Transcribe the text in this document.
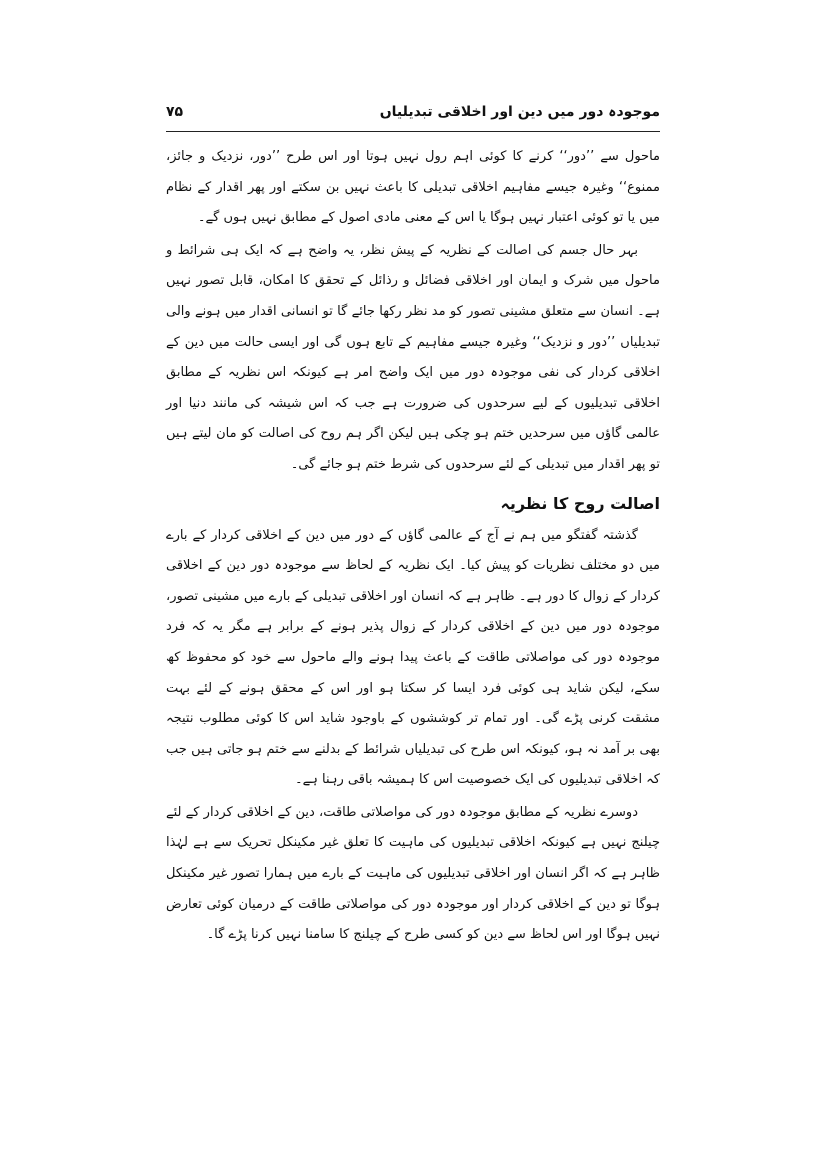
موجودہ دور میں دین اور اخلاقی تبدیلیاں
۷۵

ماحول سے ’’دور‘‘ کرنے کا کوئی اہم رول نہیں ہوتا اور اس طرح ’’دور، نزدیک و جائز، ممنوع‘‘ وغیرہ جیسے مفاہیم اخلاقی تبدیلی کا باعث نہیں بن سکتے اور پھر اقدار کے نظام میں یا تو کوئی اعتبار نہیں ہوگا یا اس کے معنی مادی اصول کے مطابق نہیں ہوں گے۔

بہر حال جسم کی اصالت کے نظریہ کے پیش نظر، یہ واضح ہے کہ ایک ہی شرائط و ماحول میں شرک و ایمان اور اخلاقی فضائل و رذائل کے تحقق کا امکان، قابل تصور نہیں ہے۔ انسان سے متعلق مشینی تصور کو مد نظر رکھا جائے گا تو انسانی اقدار میں ہونے والی تبدیلیاں ’’دور و نزدیک‘‘ وغیرہ جیسے مفاہیم کے تابع ہوں گی اور ایسی حالت میں دین کے اخلاقی کردار کی نفی موجودہ دور میں ایک واضح امر ہے کیونکہ اس نظریہ کے مطابق اخلاقی تبدیلیوں کے لیے سرحدوں کی ضرورت ہے جب کہ اس شیشہ کی مانند دنیا اور عالمی گاؤں میں سرحدیں ختم ہو چکی ہیں لیکن اگر ہم روح کی اصالت کو مان لیتے ہیں تو پھر اقدار میں تبدیلی کے لئے سرحدوں کی شرط ختم ہو جائے گی۔

اصالت روح کا نظریہ

گذشتہ گفتگو میں ہم نے آج کے عالمی گاؤں کے دور میں دین کے اخلاقی کردار کے بارے میں دو مختلف نظریات کو پیش کیا۔ ایک نظریہ کے لحاظ سے موجودہ دور دین کے اخلاقی کردار کے زوال کا دور ہے۔ ظاہر ہے کہ انسان اور اخلاقی تبدیلی کے بارے میں مشینی تصور، موجودہ دور میں دین کے اخلاقی کردار کے زوال پذیر ہونے کے برابر ہے مگر یہ کہ فرد موجودہ دور کی مواصلاتی طاقت کے باعث پیدا ہونے والے ماحول سے خود کو محفوظ کھ سکے، لیکن شاید ہی کوئی فرد ایسا کر سکتا ہو اور اس کے محقق ہونے کے لئے بہت مشقت کرنی پڑے گی۔ اور تمام تر کوششوں کے باوجود شاید اس کا کوئی مطلوب نتیجہ بھی بر آمد نہ ہو، کیونکہ اس طرح کی تبدیلیاں شرائط کے بدلنے سے ختم ہو جاتی ہیں جب کہ اخلاقی تبدیلیوں کی ایک خصوصیت اس کا ہمیشہ باقی رہنا ہے۔

دوسرے نظریہ کے مطابق موجودہ دور کی مواصلاتی طاقت، دین کے اخلاقی کردار کے لئے چیلنج نہیں ہے کیونکہ اخلاقی تبدیلیوں کی ماہیت کا تعلق غیر مکینکل تحریک سے ہے لہٰذا ظاہر ہے کہ اگر انسان اور اخلاقی تبدیلیوں کی ماہیت کے بارے میں ہمارا تصور غیر مکینکل ہوگا تو دین کے اخلاقی کردار اور موجودہ دور کی مواصلاتی طاقت کے درمیان کوئی تعارض نہیں ہوگا اور اس لحاظ سے دین کو کسی طرح کے چیلنج کا سامنا نہیں کرنا پڑے گا۔
